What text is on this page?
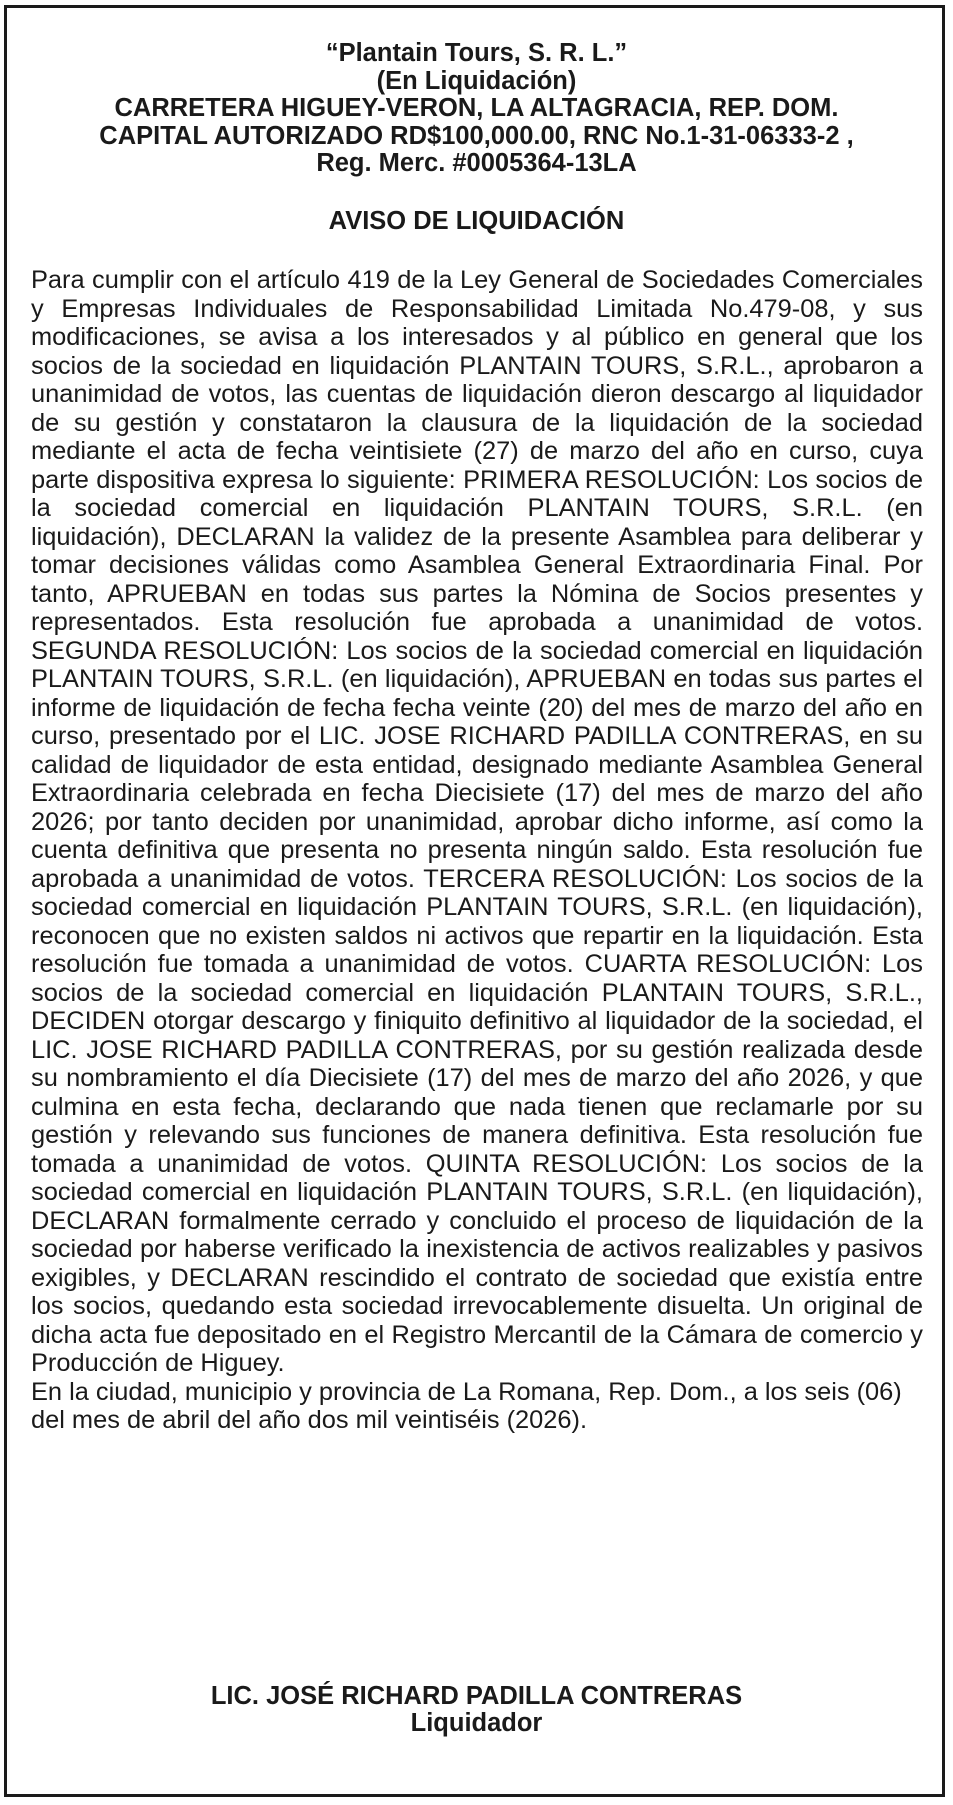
“Plantain Tours, S. R. L.”
(En Liquidación)
CARRETERA HIGUEY-VERON, LA ALTAGRACIA, REP. DOM.
CAPITAL AUTORIZADO RD$100,000.00, RNC No.1-31-06333-2 ,
Reg. Merc. #0005364-13LA
AVISO DE LIQUIDACIÓN

Para cumplir con el artículo 419 de la Ley General de Sociedades Comerciales y Empresas Individuales de Responsabilidad Limitada No.479-08, y sus modificaciones, se avisa a los interesados y al público en general que los socios de la sociedad en liquidación PLANTAIN TOURS, S.R.L., aprobaron a unanimidad de votos, las cuentas de liquidación dieron descargo al liquidador de su gestión y constataron la clausura de la liquidación de la sociedad mediante el acta de fecha veintisiete (27) de marzo del año en curso, cuya parte dispositiva expresa lo siguiente: PRIMERA RESOLUCIÓN: Los socios de la sociedad comercial en liquidación PLANTAIN TOURS, S.R.L. (en liquidación), DECLARAN la validez de la presente Asamblea para deliberar y tomar decisiones válidas como Asamblea General Extraordinaria Final. Por tanto, APRUEBAN en todas sus partes la Nómina de Socios presentes y representados. Esta resolución fue aprobada a unanimidad de votos. SEGUNDA RESOLUCIÓN: Los socios de la sociedad comercial en liquidación PLANTAIN TOURS, S.R.L. (en liquidación), APRUEBAN en todas sus partes el informe de liquidación de fecha fecha veinte (20) del mes de marzo del año en curso, presentado por el LIC. JOSE RICHARD PADILLA CONTRERAS, en su calidad de liquidador de esta entidad, designado mediante Asamblea General Extraordinaria celebrada en fecha Diecisiete (17) del mes de marzo del año 2026; por tanto deciden por unanimidad, aprobar dicho informe, así como la cuenta definitiva que presenta no presenta ningún saldo. Esta resolución fue aprobada a unanimidad de votos. TERCERA RESOLUCIÓN: Los socios de la sociedad comercial en liquidación PLANTAIN TOURS, S.R.L. (en liquidación), reconocen que no existen saldos ni activos que repartir en la liquidación. Esta resolución fue tomada a unanimidad de votos. CUARTA RESOLUCIÓN: Los socios de la sociedad comercial en liquidación PLANTAIN TOURS, S.R.L., DECIDEN otorgar descargo y finiquito definitivo al liquidador de la sociedad, el LIC. JOSE RICHARD PADILLA CONTRERAS, por su gestión realizada desde su nombramiento el día Diecisiete (17) del mes de marzo del año 2026, y que culmina en esta fecha, declarando que nada tienen que reclamarle por su gestión y relevando sus funciones de manera definitiva. Esta resolución fue tomada a unanimidad de votos. QUINTA RESOLUCIÓN: Los socios de la sociedad comercial en liquidación PLANTAIN TOURS, S.R.L. (en liquidación), DECLARAN formalmente cerrado y concluido el proceso de liquidación de la sociedad por haberse verificado la inexistencia de activos realizables y pasivos exigibles, y DECLARAN rescindido el contrato de sociedad que existía entre los socios, quedando esta sociedad irrevocablemente disuelta. Un original de dicha acta fue depositado en el Registro Mercantil de la Cámara de comercio y Producción de Higuey.

En la ciudad, municipio y provincia de La Romana, Rep. Dom., a los seis (06) del mes de abril del año dos mil veintiséis (2026).

LIC. JOSÉ RICHARD PADILLA CONTRERAS
Liquidador
